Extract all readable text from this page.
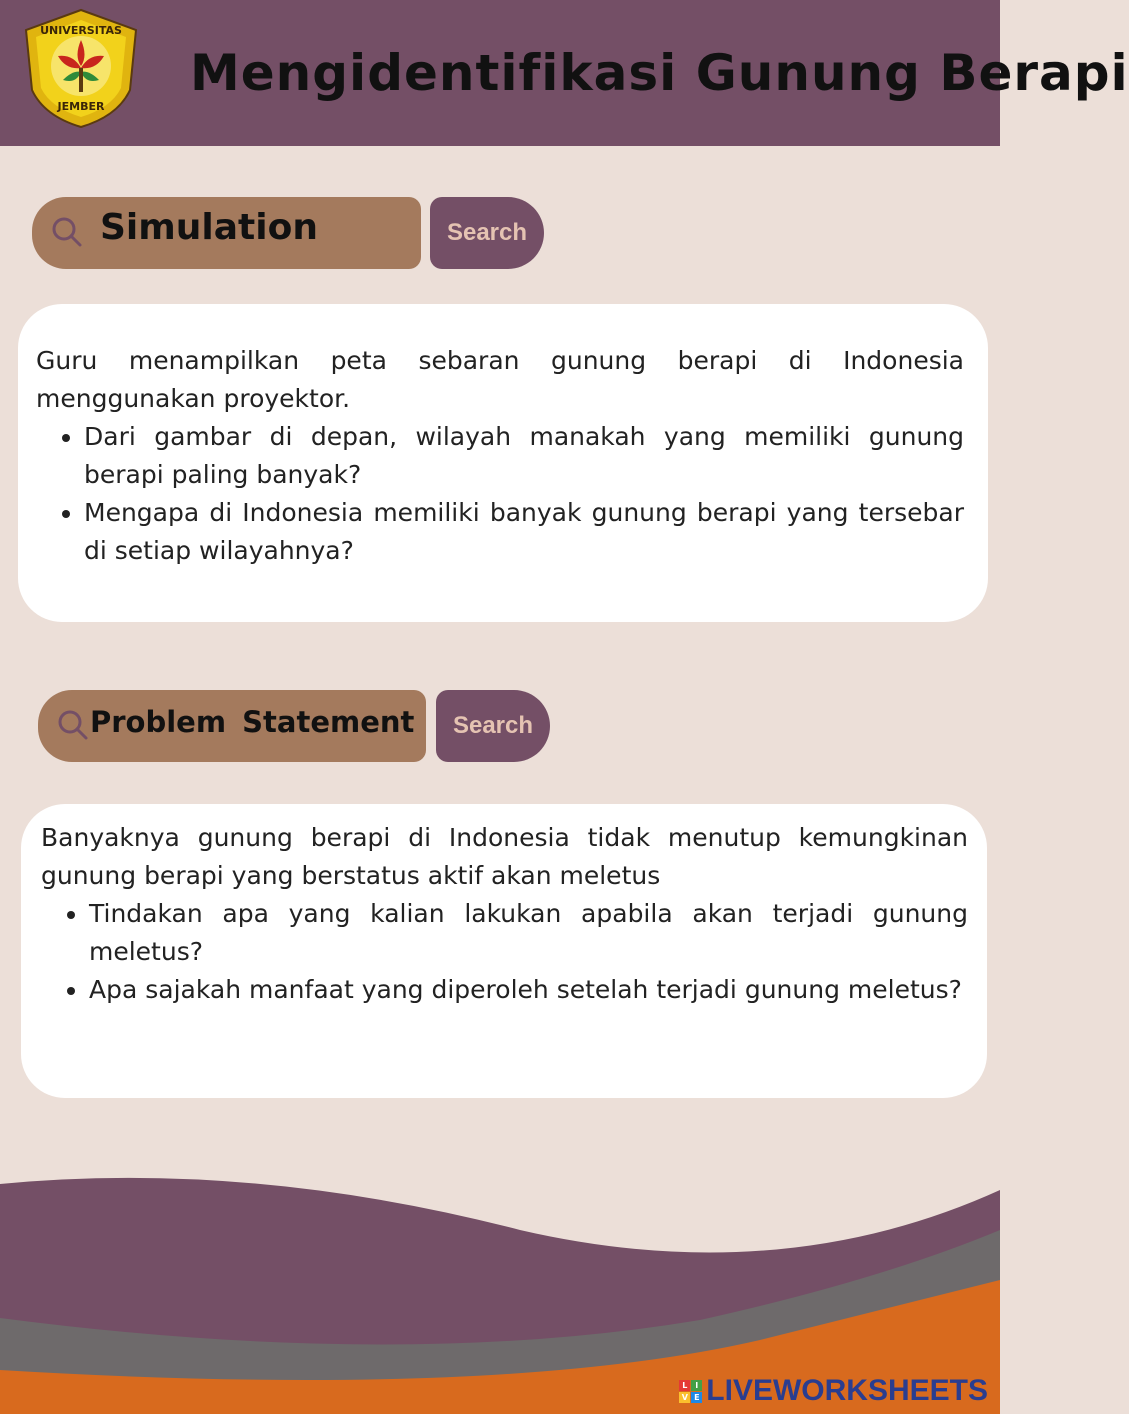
UNIVERSITAS
JEMBER
Mengidentifikasi Gunung Berapi
Simulation	Search

Guru menampilkan peta sebaran gunung berapi di Indonesia menggunakan proyektor.

• Dari gambar di depan, wilayah manakah yang memiliki gunung berapi paling banyak?
• Mengapa di Indonesia memiliki banyak gunung berapi yang tersebar di setiap wilayahnya?
Problem Statement	Search

Banyaknya gunung berapi di Indonesia tidak menutup kemungkinan gunung berapi yang berstatus aktif akan meletus

• Tindakan apa yang kalian lakukan apabila akan terjadi gunung meletus?
• Apa sajakah manfaat yang diperoleh setelah terjadi gunung meletus?
L I
V E LIVEWORKSHEETS
